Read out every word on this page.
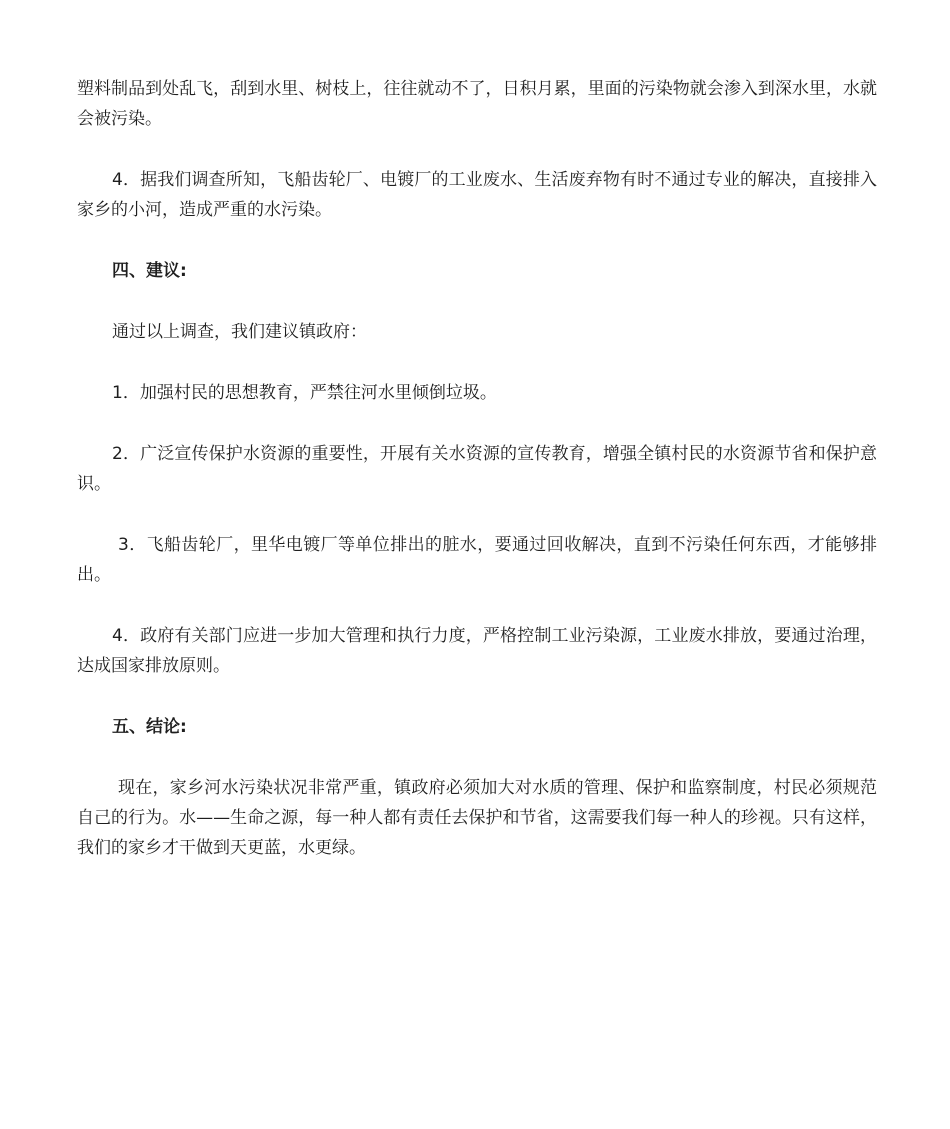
塑料制品到处乱飞，刮到水里、树枝上，往往就动不了，日积月累，里面的污染物就会渗入到深水里，水就会被污染。

4．据我们调查所知，飞船齿轮厂、电镀厂的工业废水、生活废弃物有时不通过专业的解决，直接排入家乡的小河，造成严重的水污染。

四、建议:

通过以上调查，我们建议镇政府：

1．加强村民的思想教育，严禁往河水里倾倒垃圾。

2．广泛宣传保护水资源的重要性，开展有关水资源的宣传教育，增强全镇村民的水资源节省和保护意识。

3．飞船齿轮厂，里华电镀厂等单位排出的脏水，要通过回收解决，直到不污染任何东西，才能够排出。

4．政府有关部门应进一步加大管理和执行力度，严格控制工业污染源，工业废水排放，要通过治理，达成国家排放原则。

五、结论:

现在，家乡河水污染状况非常严重，镇政府必须加大对水质的管理、保护和监察制度，村民必须规范自己的行为。水——生命之源，每一种人都有责任去保护和节省，这需要我们每一种人的珍视。只有这样，我们的家乡才干做到天更蓝，水更绿。
